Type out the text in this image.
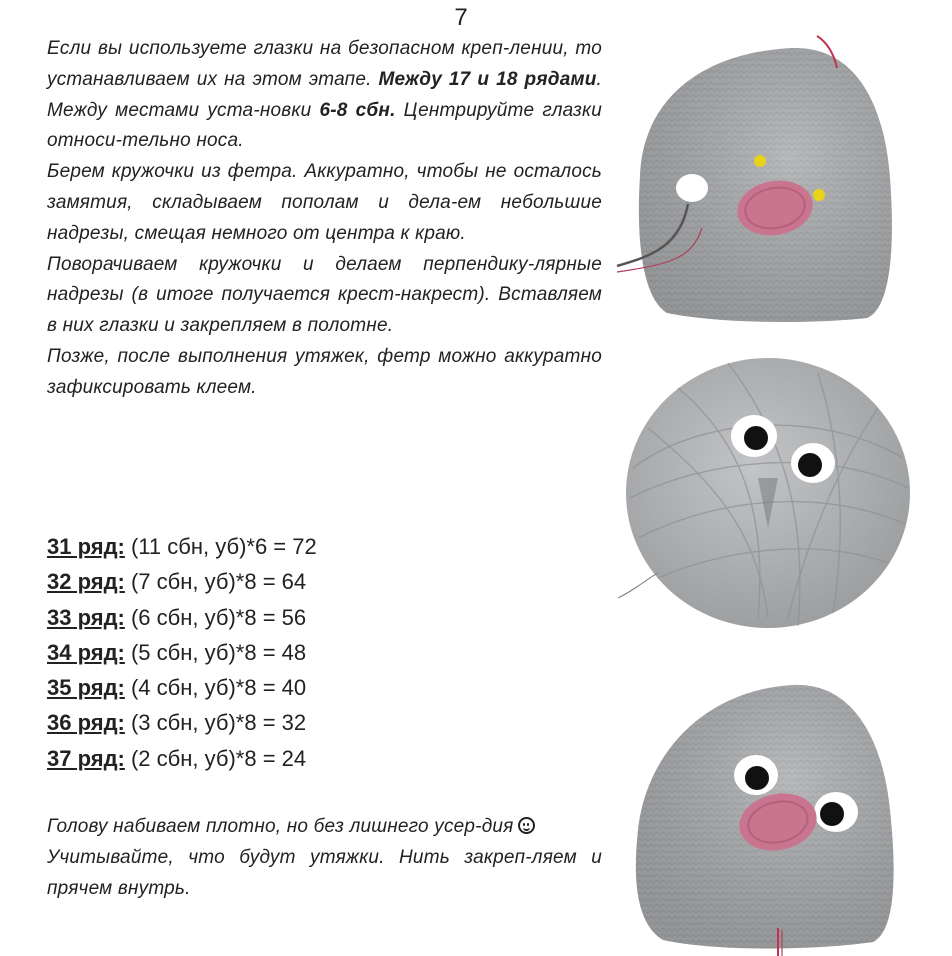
7

Если вы используете глазки на безопасном креп-лении, то устанавливаем их на этом этапе. Между 17 и 18 рядами. Между местами уста-новки 6-8 сбн. Центрируйте глазки относи-тельно носа.

Берем кружочки из фетра. Аккуратно, чтобы не осталось замятия, складываем пополам и дела-ем небольшие надрезы, смещая немного от центра к краю.

Поворачиваем кружочки и делаем перпендику-лярные надрезы (в итоге получается крест-накрест). Вставляем в них глазки и закрепляем в полотне.

Позже, после выполнения утяжек, фетр можно аккуратно зафиксировать клеем.

31 ряд: (11 сбн, уб)*6 = 72
32 ряд: (7 сбн, уб)*8 = 64
33 ряд: (6 сбн, уб)*8 = 56
34 ряд: (5 сбн, уб)*8 = 48
35 ряд: (4 сбн, уб)*8 = 40
36 ряд: (3 сбн, уб)*8 = 32
37 ряд: (2 сбн, уб)*8 = 24

Голову набиваем плотно, но без лишнего усер-дия

Учитывайте, что будут утяжки. Нить закреп-ляем и прячем внутрь.
